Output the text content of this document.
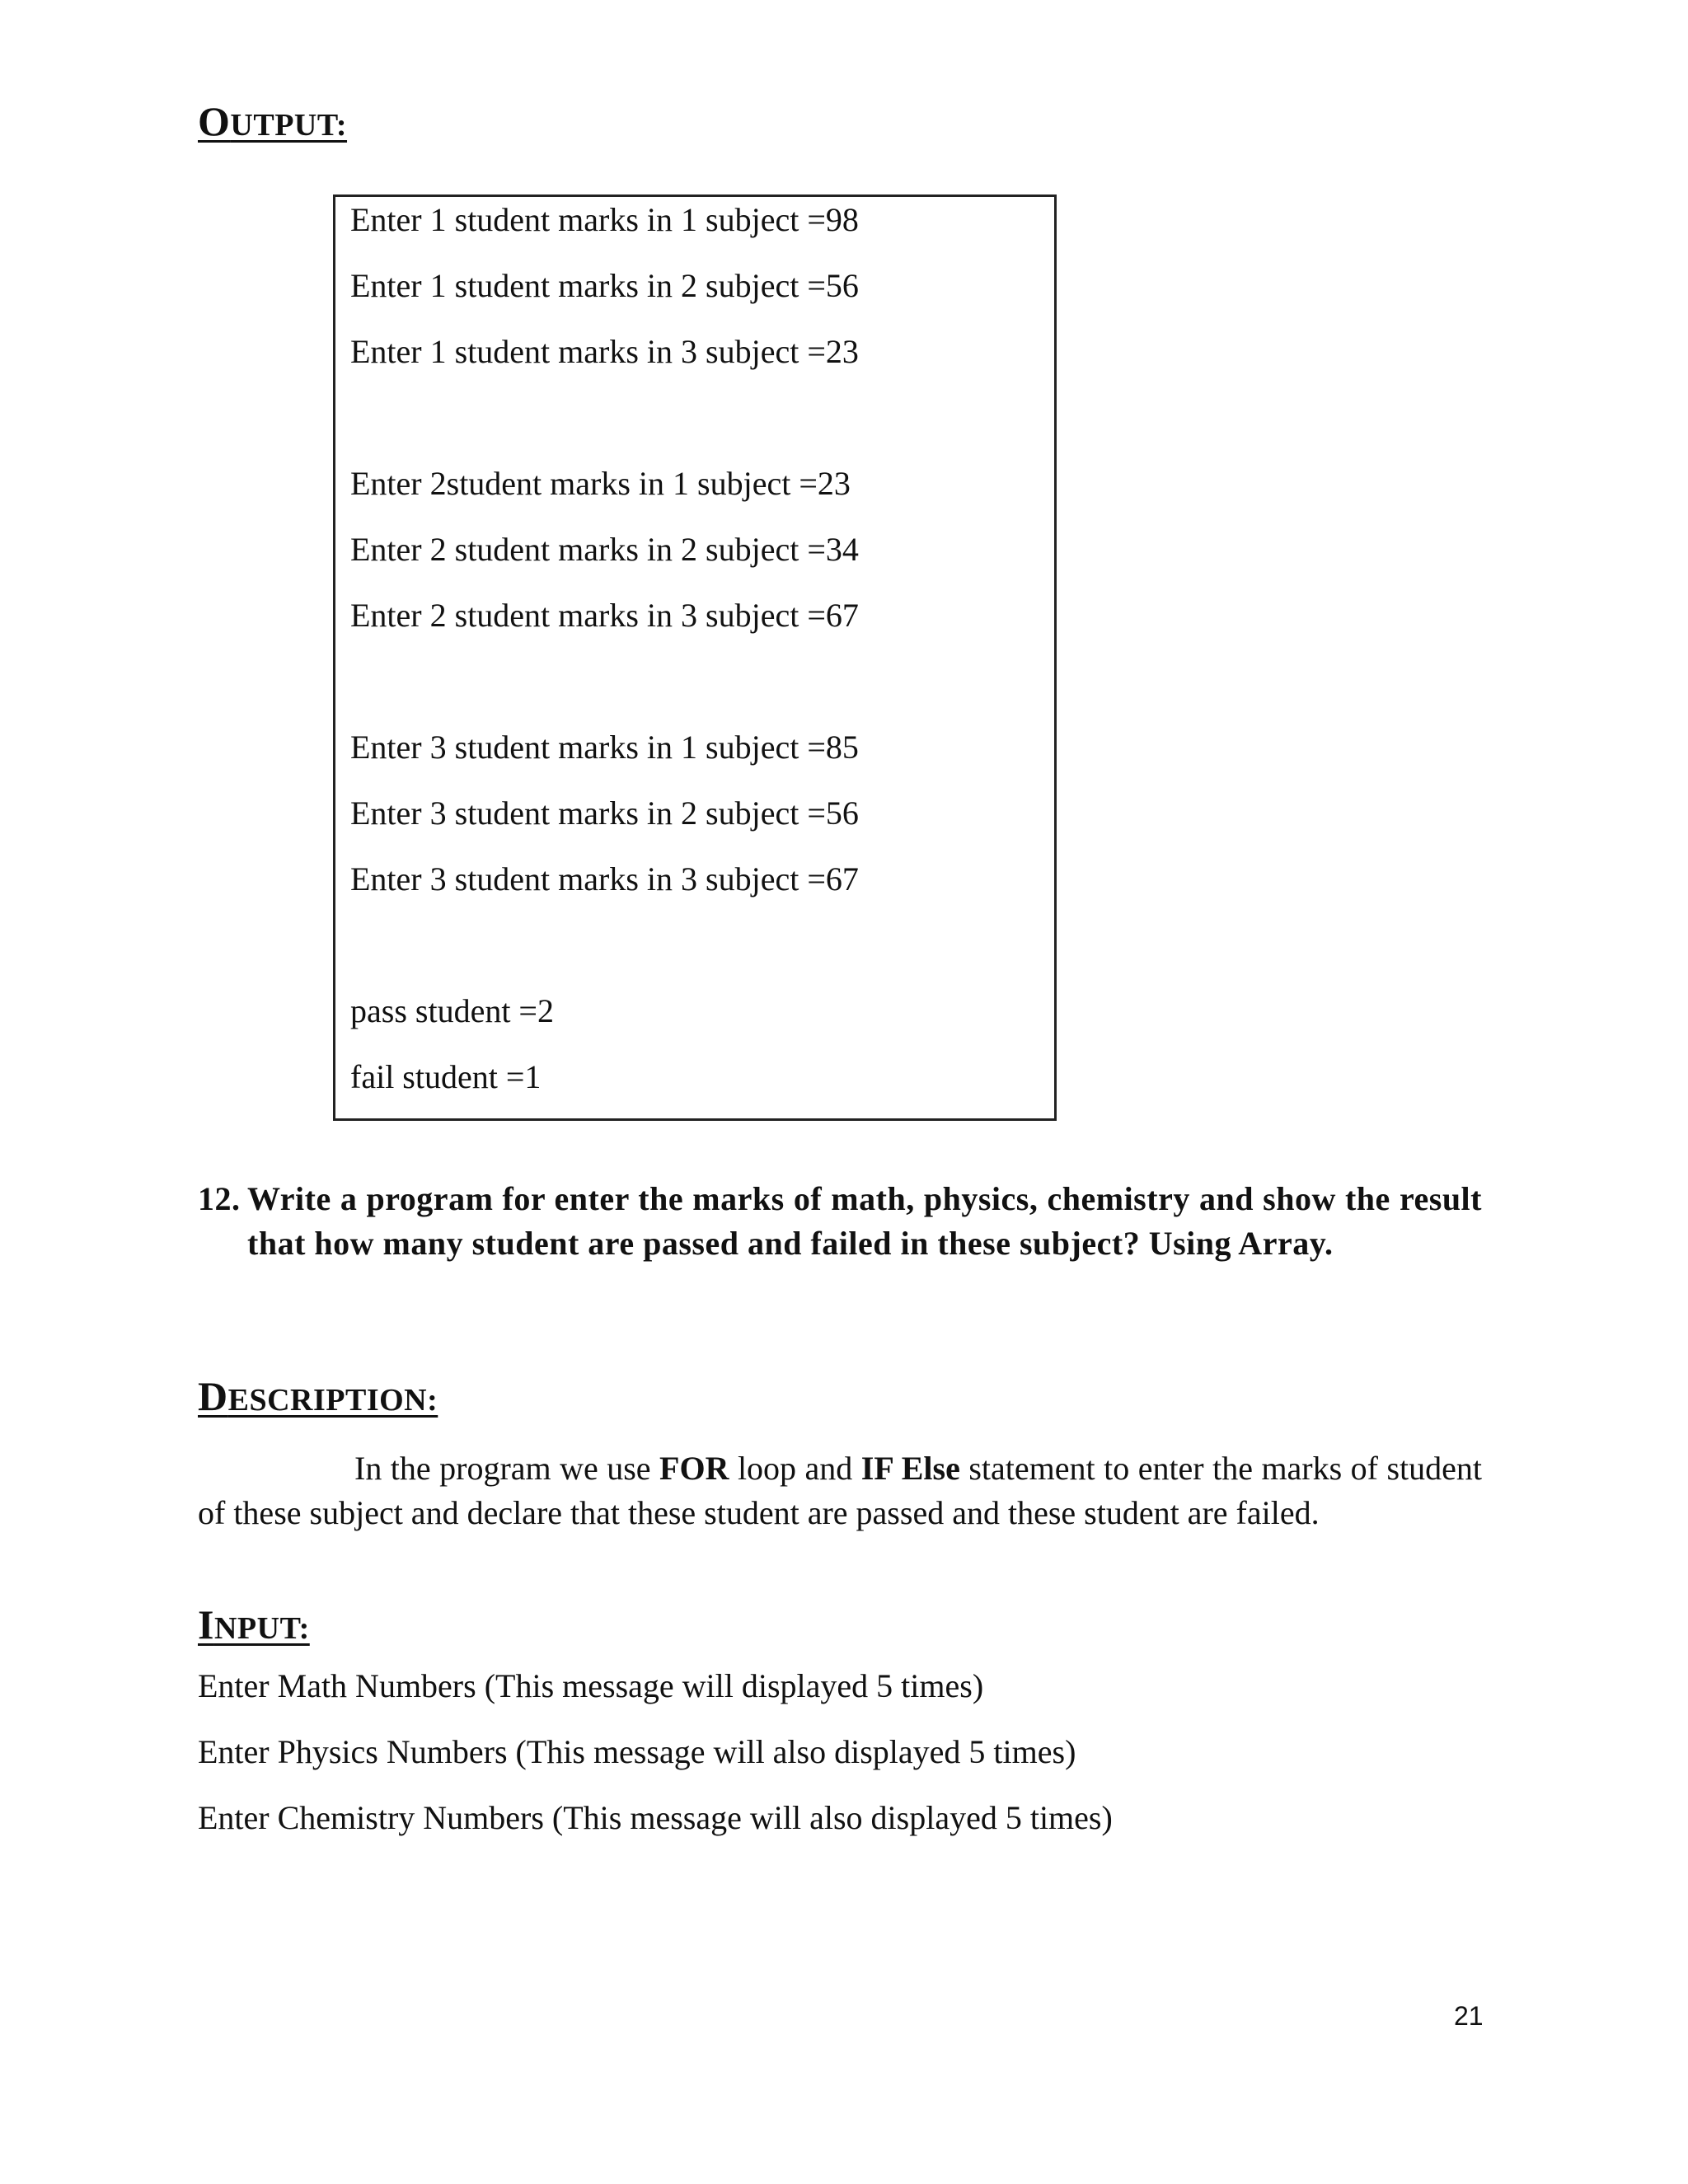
OUTPUT:
Enter 1 student marks in 1 subject =98
Enter 1 student marks in 2 subject =56
Enter 1 student marks in 3 subject =23
Enter 2student marks in 1 subject =23
Enter 2 student marks in 2 subject =34
Enter 2 student marks in 3 subject =67
Enter 3 student marks in 1 subject =85
Enter 3 student marks in 2 subject =56
Enter 3 student marks in 3 subject =67
pass student =2
fail student =1
12. Write a program for enter the marks of math, physics, chemistry and show the result that how many student are passed and failed in these subject? Using Array.
DESCRIPTION:

In the program we use FOR loop and IF Else statement to enter the marks of student of these subject and declare that these student are passed and these student are failed.

INPUT:
Enter Math Numbers (This message will displayed 5 times)
Enter Physics Numbers (This message will also displayed 5 times)
Enter Chemistry Numbers (This message will also displayed 5 times)
21
